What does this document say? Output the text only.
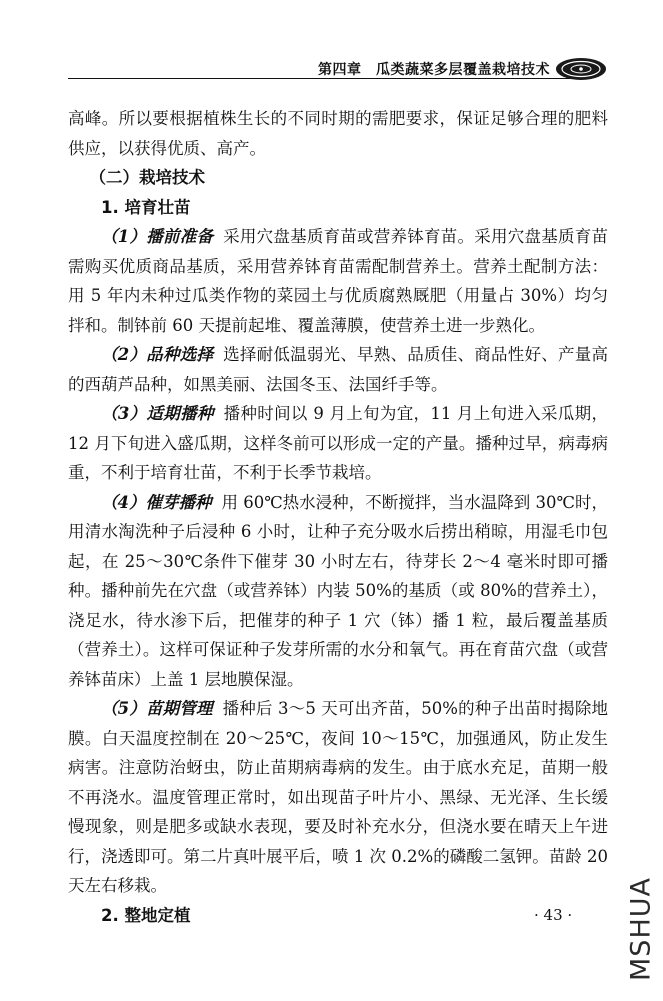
第四章　瓜类蔬菜多层覆盖栽培技术

高峰。所以要根据植株生长的不同时期的需肥要求，保证足够合理的肥料供应，以获得优质、高产。

（二）栽培技术

1. 培育壮苗

（1）播前准备 采用穴盘基质育苗或营养钵育苗。采用穴盘基质育苗需购买优质商品基质，采用营养钵育苗需配制营养土。营养土配制方法：用 5 年内未种过瓜类作物的菜园土与优质腐熟厩肥（用量占 30%）均匀拌和。制钵前 60 天提前起堆、覆盖薄膜，使营养土进一步熟化。

（2）品种选择 选择耐低温弱光、早熟、品质佳、商品性好、产量高的西葫芦品种，如黑美丽、法国冬玉、法国纤手等。

（3）适期播种 播种时间以 9 月上旬为宜，11 月上旬进入采瓜期，12 月下旬进入盛瓜期，这样冬前可以形成一定的产量。播种过早，病毒病重，不利于培育壮苗，不利于长季节栽培。

（4）催芽播种 用 60℃热水浸种，不断搅拌，当水温降到 30℃时，用清水淘洗种子后浸种 6 小时，让种子充分吸水后捞出稍晾，用湿毛巾包起，在 25～30℃条件下催芽 30 小时左右，待芽长 2～4 毫米时即可播种。播种前先在穴盘（或营养钵）内装 50%的基质（或 80%的营养土），浇足水，待水渗下后，把催芽的种子 1 穴（钵）播 1 粒，最后覆盖基质（营养土）。这样可保证种子发芽所需的水分和氧气。再在育苗穴盘（或营养钵苗床）上盖 1 层地膜保湿。

（5）苗期管理 播种后 3～5 天可出齐苗，50%的种子出苗时揭除地膜。白天温度控制在 20～25℃，夜间 10～15℃，加强通风，防止发生病害。注意防治蚜虫，防止苗期病毒病的发生。由于底水充足，苗期一般不再浇水。温度管理正常时，如出现苗子叶片小、黑绿、无光泽、生长缓慢现象，则是肥多或缺水表现，要及时补充水分，但浇水要在晴天上午进行，浇透即可。第二片真叶展平后，喷 1 次 0.2%的磷酸二氢钾。苗龄 20 天左右移栽。

2. 整地定植	· 43 · MSHUA
